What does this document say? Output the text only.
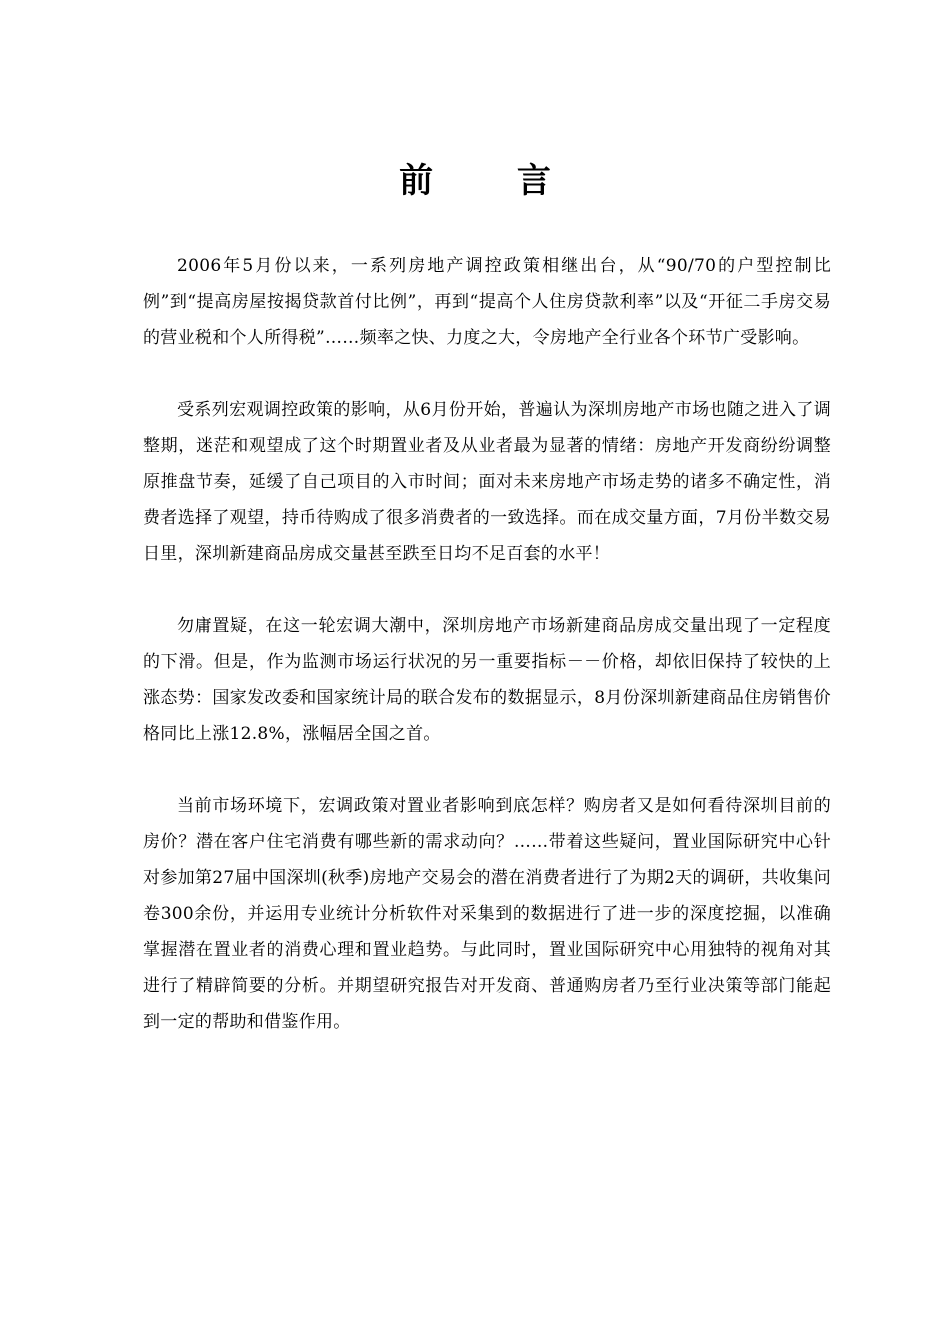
前 言

2006年5月份以来，一系列房地产调控政策相继出台，从“90/70的户型控制比例”到“提高房屋按揭贷款首付比例”，再到“提高个人住房贷款利率”以及“开征二手房交易的营业税和个人所得税”……频率之快、力度之大，令房地产全行业各个环节广受影响。

受系列宏观调控政策的影响，从6月份开始，普遍认为深圳房地产市场也随之进入了调整期，迷茫和观望成了这个时期置业者及从业者最为显著的情绪：房地产开发商纷纷调整原推盘节奏，延缓了自己项目的入市时间；面对未来房地产市场走势的诸多不确定性，消费者选择了观望，持币待购成了很多消费者的一致选择。而在成交量方面，7月份半数交易日里，深圳新建商品房成交量甚至跌至日均不足百套的水平！

勿庸置疑，在这一轮宏调大潮中，深圳房地产市场新建商品房成交量出现了一定程度的下滑。但是，作为监测市场运行状况的另一重要指标－－价格，却依旧保持了较快的上涨态势：国家发改委和国家统计局的联合发布的数据显示，8月份深圳新建商品住房销售价格同比上涨12.8%，涨幅居全国之首。

当前市场环境下，宏调政策对置业者影响到底怎样？购房者又是如何看待深圳目前的房价？潜在客户住宅消费有哪些新的需求动向？……带着这些疑问，置业国际研究中心针对参加第27届中国深圳(秋季)房地产交易会的潜在消费者进行了为期2天的调研，共收集问卷300余份，并运用专业统计分析软件对采集到的数据进行了进一步的深度挖掘，以准确掌握潜在置业者的消费心理和置业趋势。与此同时，置业国际研究中心用独特的视角对其进行了精辟简要的分析。并期望研究报告对开发商、普通购房者乃至行业决策等部门能起到一定的帮助和借鉴作用。
